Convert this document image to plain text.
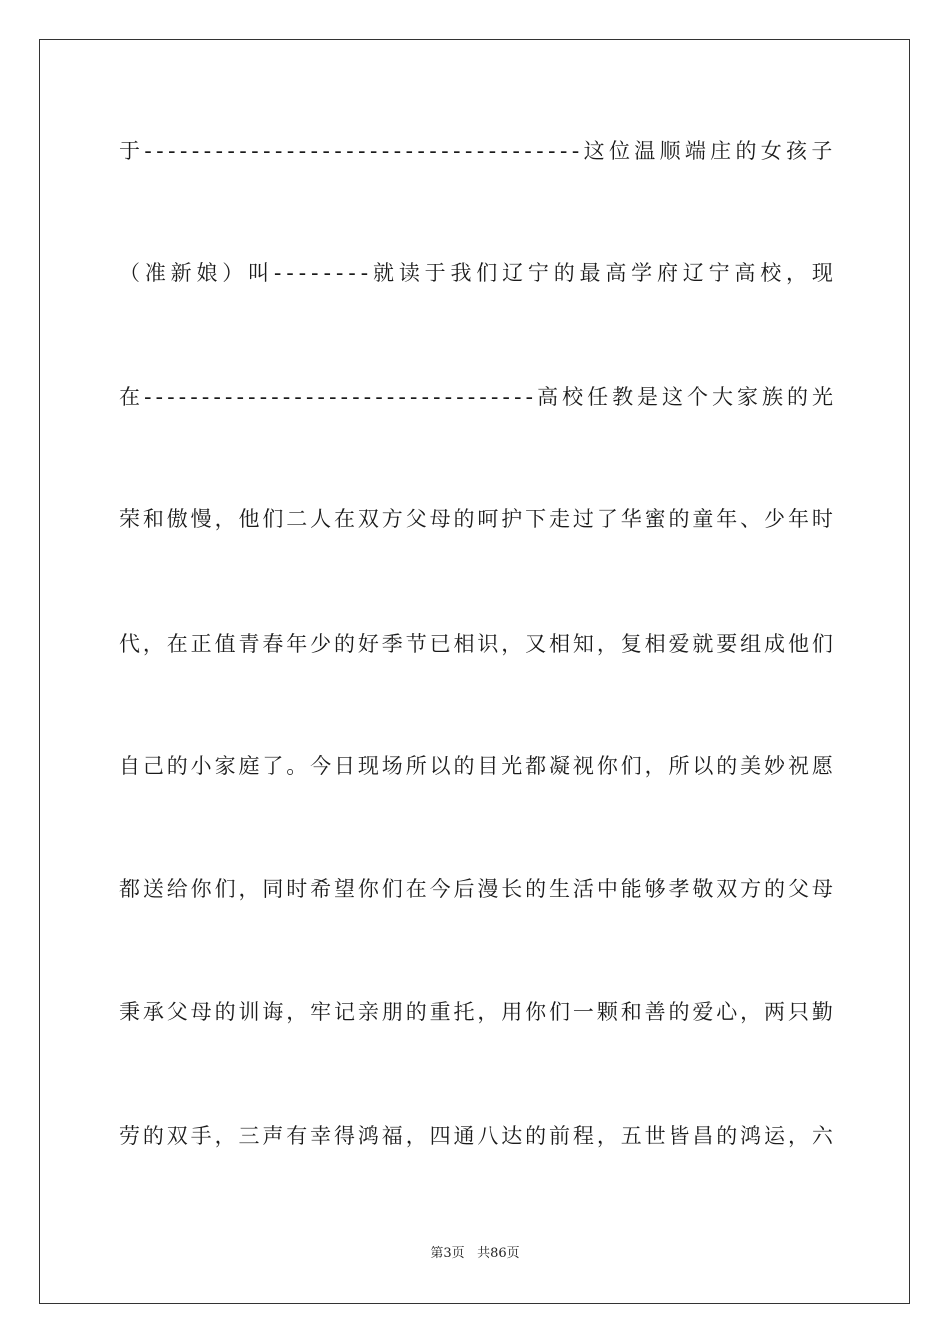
于 - - - - - - - - - - - - - - - - - - - - - - - - - - - - - - - - - - - - - 这 位 温 顺 端 庄 的 女 孩 子
（ 准 新 娘 ） 叫 - - - - - - - - 就 读 于 我 们 辽 宁 的 最 高 学 府 辽 宁 高 校 ， 现
在 - - - - - - - - - - - - - - - - - - - - - - - - - - - - - - - - - - 高 校 任 教 是 这 个 大 家 族 的 光
荣 和 傲 慢 ， 他 们 二 人 在 双 方 父 母 的 呵 护 下 走 过 了 华 蜜 的 童 年 、 少 年 时
代 ， 在 正 值 青 春 年 少 的 好 季 节 已 相 识 ， 又 相 知 ， 复 相 爱 就 要 组 成 他 们
自 己 的 小 家 庭 了 。 今 日 现 场 所 以 的 目 光 都 凝 视 你 们 ， 所 以 的 美 妙 祝 愿
都 送 给 你 们 ， 同 时 希 望 你 们 在 今 后 漫 长 的 生 活 中 能 够 孝 敬 双 方 的 父 母
秉 承 父 母 的 训 诲 ， 牢 记 亲 朋 的 重 托 ， 用 你 们 一 颗 和 善 的 爱 心 ， 两 只 勤
劳 的 双 手 ， 三 声 有 幸 得 鸿 福 ， 四 通 八 达 的 前 程 ， 五 世 皆 昌 的 鸿 运 ， 六
第3页 共86页
